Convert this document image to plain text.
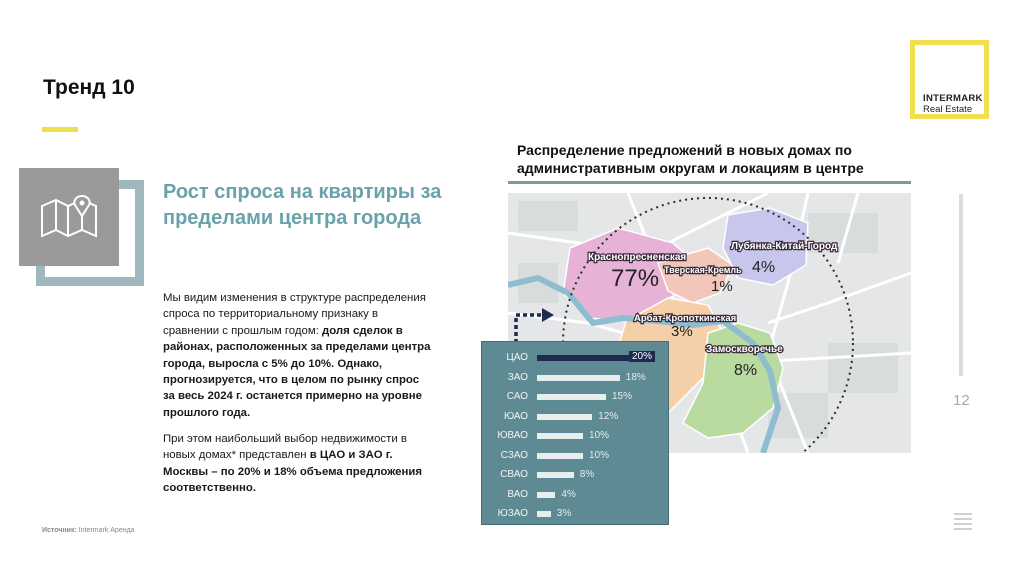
Тренд 10	INTERMARK
Real Estate
Рост спроса на квартиры за пределами центра города
Мы видим изменения в структуре распределения спроса по территориальному признаку в сравнении с прошлым годом: доля сделок в районах, расположенных за пределами центра города, выросла с 5% до 10%. Однако, прогнозируется, что в целом по рынку спрос за весь 2024 г. останется примерно на уровне прошлого года.
При этом наибольший выбор недвижимости в новых домах* представлен в ЦАО и ЗАО г. Москвы – по 20% и 18% объема предложения соответственно.
Источник: Intermark Аренда
Распределение предложений в новых домах по административным округам и локациям в центре
Краснопресненская
77% Тверская-Кремль
1%
Лубянка-Китай-Город
4%
Арбат-Кропоткинская
3%
Замоскворечье
8%
ЦАО	20%
ЗАО	18%
САО	15%
ЮАО	12%
ЮВАО	10%
СЗАО	10%
СВАО	8%
ВАО	4%
ЮЗАО	3%
12
